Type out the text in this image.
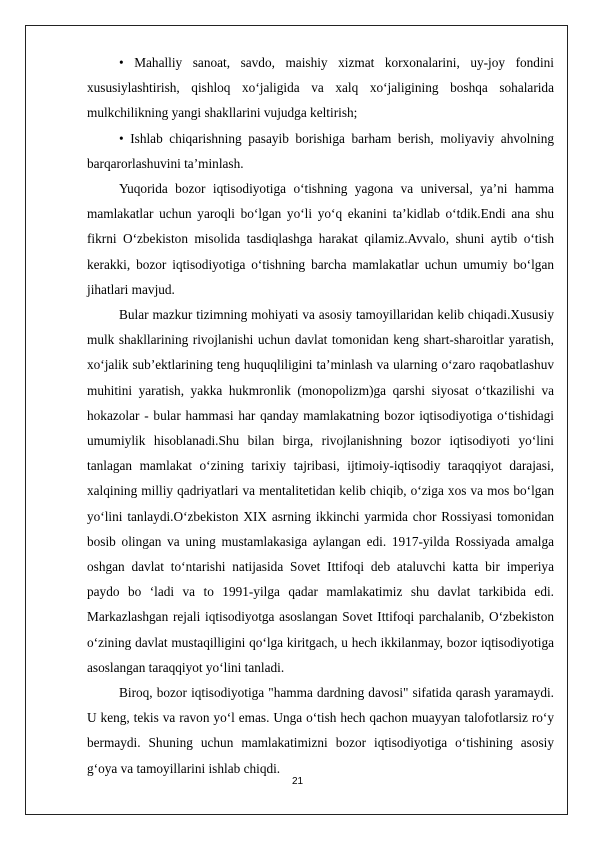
• Mahalliy sanoat, savdo, maishiy xizmat korxonalarini, uy-joy fondini xususiylashtirish, qishloq xo‘jaligida va xalq xo‘jaligining boshqa sohalarida mulkchilikning yangi shakllarini vujudga keltirish;

• Ishlab chiqarishning pasayib borishiga barham berish, moliyaviy ahvolning barqarorlashuvini ta’minlash.

Yuqorida bozor iqtisodiyotiga o‘tishning yagona va universal, ya’ni hamma mamlakatlar uchun yaroqli bo‘lgan yo‘li yo‘q ekanini ta’kidlab o‘tdik.Endi ana shu fikrni O‘zbekiston misolida tasdiqlashga harakat qilamiz.Avvalo, shuni aytib o‘tish kerakki, bozor iqtisodiyotiga o‘tishning barcha mamlakatlar uchun umumiy bo‘lgan jihatlari mavjud.

Bular mazkur tizimning mohiyati va asosiy tamoyillaridan kelib chiqadi.Xususiy mulk shakllarining rivojlanishi uchun davlat tomonidan keng shart-sharoitlar yaratish, xo‘jalik sub’ektlarining teng huquqliligini ta’minlash va ularning o‘zaro raqobatlashuv muhitini yaratish, yakka hukmronlik (monopolizm)ga qarshi siyosat o‘tkazilishi va hokazolar - bular hammasi har qanday mamlakatning bozor iqtisodiyotiga o‘tishidagi umumiylik hisoblanadi.Shu bilan birga, rivojlanishning bozor iqtisodiyoti yo‘lini tanlagan mamlakat o‘zining tarixiy tajribasi, ijtimoiy-iqtisodiy taraqqiyot darajasi, xalqining milliy qadriyatlari va mentalitetidan kelib chiqib, o‘ziga xos va mos bo‘lgan yo‘lini tanlaydi.O‘zbekiston XIX asrning ikkinchi yarmida chor Rossiyasi tomonidan bosib olingan va uning mustamlakasiga aylangan edi. 1917-yilda Rossiyada amalga oshgan davlat to‘ntarishi natijasida Sovet Ittifoqi deb ataluvchi katta bir imperiya paydo bo ‘ladi va to 1991-yilga qadar mamlakatimiz shu davlat tarkibida edi. Markazlashgan rejali iqtisodiyotga asoslangan Sovet Ittifoqi parchalanib, O‘zbekiston o‘zining davlat mustaqilligini qo‘lga kiritgach, u hech ikkilanmay, bozor iqtisodiyotiga asoslangan taraqqiyot yo‘lini tanladi.

Biroq, bozor iqtisodiyotiga "hamma dardning davosi" sifatida qarash yaramaydi. U keng, tekis va ravon yo‘l emas. Unga o‘tish hech qachon muayyan talofotlarsiz ro‘y bermaydi. Shuning uchun mamlakatimizni bozor iqtisodiyotiga o‘tishining asosiy g‘oya va tamoyillarini ishlab chiqdi.

21
